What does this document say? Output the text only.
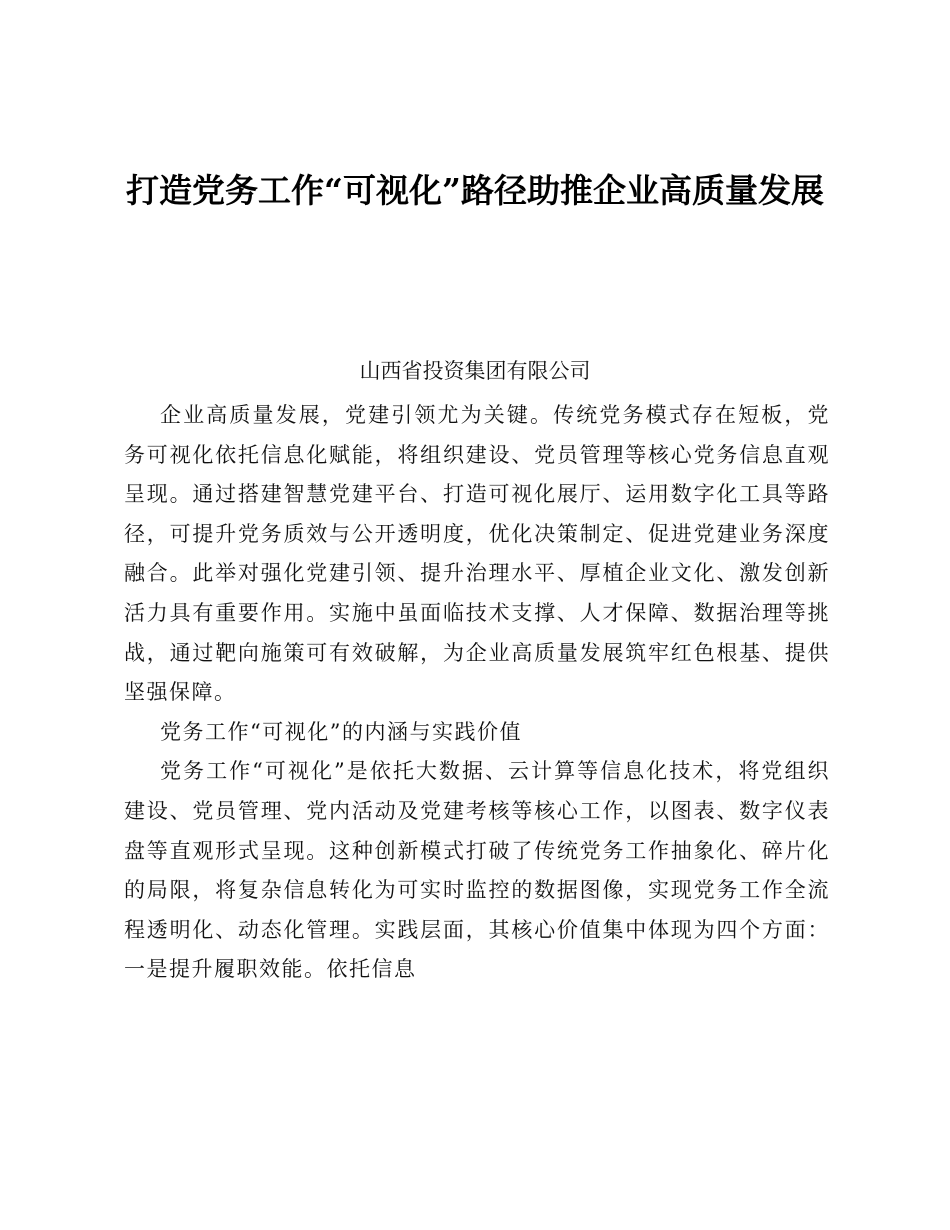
打造党务工作“可视化”路径助推企业高质量发展

山西省投资集团有限公司

企业高质量发展，党建引领尤为关键。传统党务模式存在短板，党务可视化依托信息化赋能，将组织建设、党员管理等核心党务信息直观呈现。通过搭建智慧党建平台、打造可视化展厅、运用数字化工具等路径，可提升党务质效与公开透明度，优化决策制定、促进党建业务深度融合。此举对强化党建引领、提升治理水平、厚植企业文化、激发创新活力具有重要作用。实施中虽面临技术支撑、人才保障、数据治理等挑战，通过靶向施策可有效破解，为企业高质量发展筑牢红色根基、提供坚强保障。

党务工作“可视化”的内涵与实践价值

党务工作“可视化”是依托大数据、云计算等信息化技术，将党组织建设、党员管理、党内活动及党建考核等核心工作，以图表、数字仪表盘等直观形式呈现。这种创新模式打破了传统党务工作抽象化、碎片化的局限，将复杂信息转化为可实时监控的数据图像，实现党务工作全流程透明化、动态化管理。实践层面，其核心价值集中体现为四个方面：一是提升履职效能。依托信息
